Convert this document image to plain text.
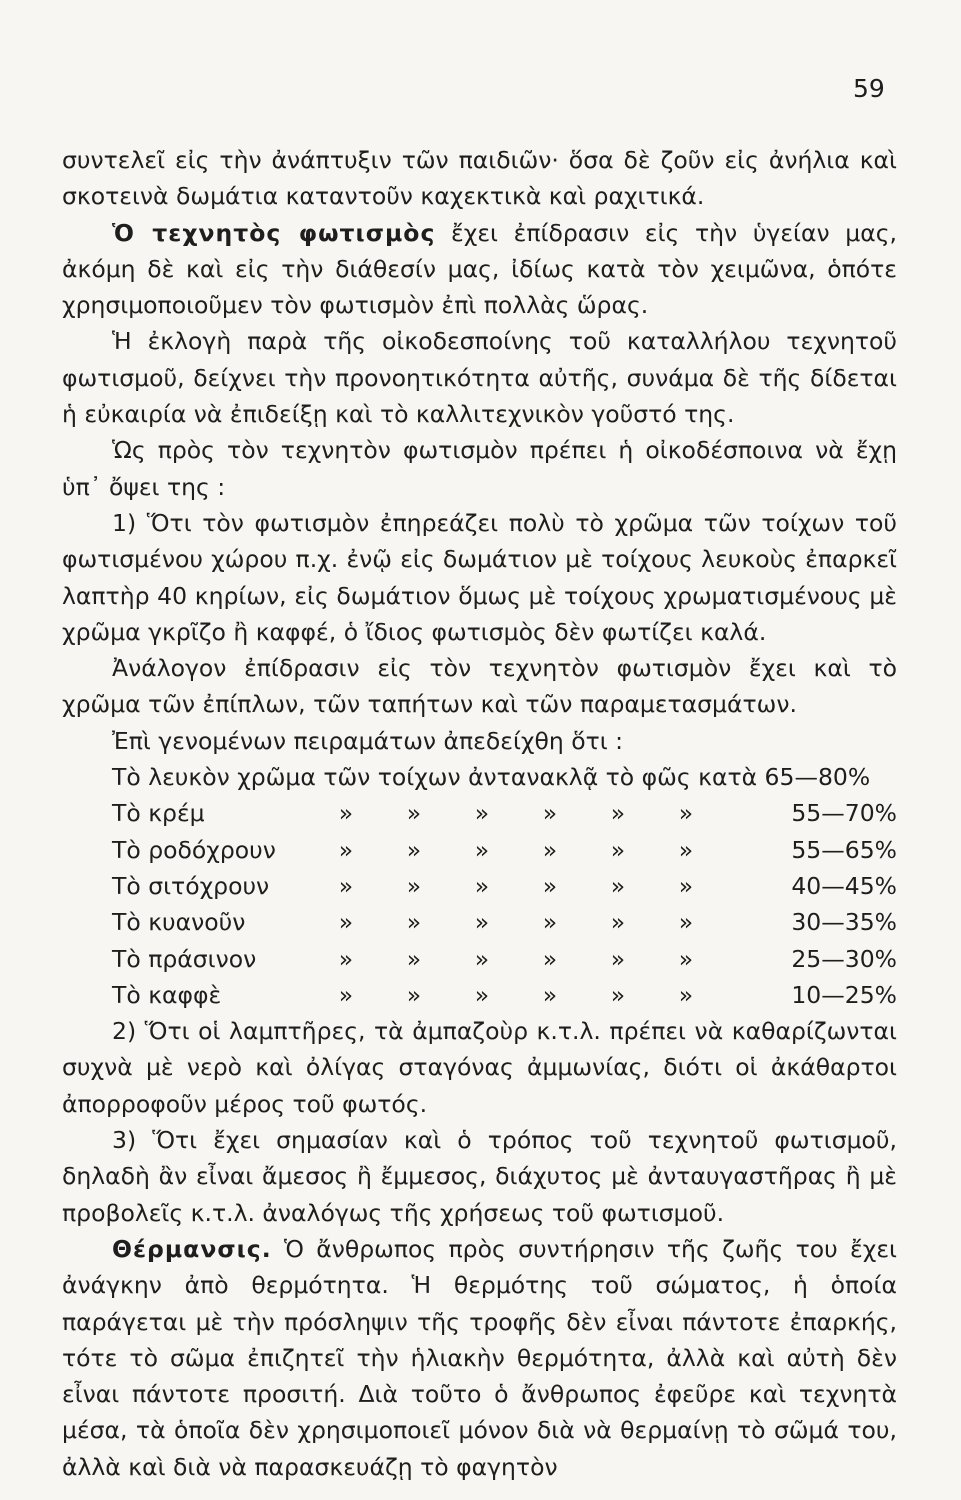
59

συντελεῖ εἰς τὴν ἀνάπτυξιν τῶν παιδιῶν· ὅσα δὲ ζοῦν εἰς ἀνήλια καὶ σκοτεινὰ δωμάτια καταντοῦν καχεκτικὰ καὶ ραχιτικά.

Ὁ τεχνητὸς φωτισμὸς ἔχει ἐπίδρασιν εἰς τὴν ὑγείαν μας, ἀκόμη δὲ καὶ εἰς τὴν διάθεσίν μας, ἰδίως κατὰ τὸν χειμῶνα, ὁπότε χρησιμοποιοῦμεν τὸν φωτισμὸν ἐπὶ πολλὰς ὥρας.

Ἡ ἐκλογὴ παρὰ τῆς οἰκοδεσποίνης τοῦ καταλλήλου τεχνητοῦ φωτισμοῦ, δείχνει τὴν προνοητικότητα αὐτῆς, συνάμα δὲ τῆς δίδεται ἡ εὐκαιρία νὰ ἐπιδείξῃ καὶ τὸ καλλιτεχνικὸν γοῦστό της.

Ὡς πρὸς τὸν τεχνητὸν φωτισμὸν πρέπει ἡ οἰκοδέσποινα νὰ ἔχῃ ὑπ᾽ ὄψει της :

1) Ὅτι τὸν φωτισμὸν ἐπηρεάζει πολὺ τὸ χρῶμα τῶν τοίχων τοῦ φωτισμένου χώρου π.χ. ἐνῷ εἰς δωμάτιον μὲ τοίχους λευκοὺς ἐπαρκεῖ λαπτὴρ 40 κηρίων, εἰς δωμάτιον ὅμως μὲ τοίχους χρωματισμένους μὲ χρῶμα γκρῖζο ἢ καφφέ, ὁ ἴδιος φωτισμὸς δὲν φωτίζει καλά.

Ἀνάλογον ἐπίδρασιν εἰς τὸν τεχνητὸν φωτισμὸν ἔχει καὶ τὸ χρῶμα τῶν ἐπίπλων, τῶν ταπήτων καὶ τῶν παραμετασμάτων.

Ἐπὶ γενομένων πειραμάτων ἀπεδείχθη ὅτι :

Τὸ λευκὸν χρῶμα τῶν τοίχων ἀντανακλᾷ τὸ φῶς κατὰ 65—80%							
Τὸ κρέμ	»	»	»	»	»	»	55—70%
Τὸ ροδόχρουν	»	»	»	»	»	»	55—65%
Τὸ σιτόχρουν	»	»	»	»	»	»	40—45%
Τὸ κυανοῦν	»	»	»	»	»	»	30—35%
Τὸ πράσινον	»	»	»	»	»	»	25—30%
Τὸ καφφὲ	»	»	»	»	»	»	10—25%

2) Ὅτι οἱ λαμπτῆρες, τὰ ἀμπαζοὺρ κ.τ.λ. πρέπει νὰ καθαρίζωνται συχνὰ μὲ νερὸ καὶ ὀλίγας σταγόνας ἀμμωνίας, διότι οἱ ἀκάθαρτοι ἀπορροφοῦν μέρος τοῦ φωτός.

3) Ὅτι ἔχει σημασίαν καὶ ὁ τρόπος τοῦ τεχνητοῦ φωτισμοῦ, δηλαδὴ ἂν εἶναι ἄμεσος ἢ ἔμμεσος, διάχυτος μὲ ἀνταυγαστῆρας ἢ μὲ προβολεῖς κ.τ.λ. ἀναλόγως τῆς χρήσεως τοῦ φωτισμοῦ.

Θέρμανσις. Ὁ ἄνθρωπος πρὸς συντήρησιν τῆς ζωῆς του ἔχει ἀνάγκην ἀπὸ θερμότητα. Ἡ θερμότης τοῦ σώματος, ἡ ὁποία παράγεται μὲ τὴν πρόσληψιν τῆς τροφῆς δὲν εἶναι πάντοτε ἐπαρκής, τότε τὸ σῶμα ἐπιζητεῖ τὴν ἡλιακὴν θερμότητα, ἀλλὰ καὶ αὐτὴ δὲν εἶναι πάντοτε προσιτή. Διὰ τοῦτο ὁ ἄνθρωπος ἐφεῦρε καὶ τεχνητὰ μέσα, τὰ ὁποῖα δὲν χρησιμοποιεῖ μόνον διὰ νὰ θερμαίνῃ τὸ σῶμά του, ἀλλὰ καὶ διὰ νὰ παρασκευάζῃ τὸ φαγητὸν
